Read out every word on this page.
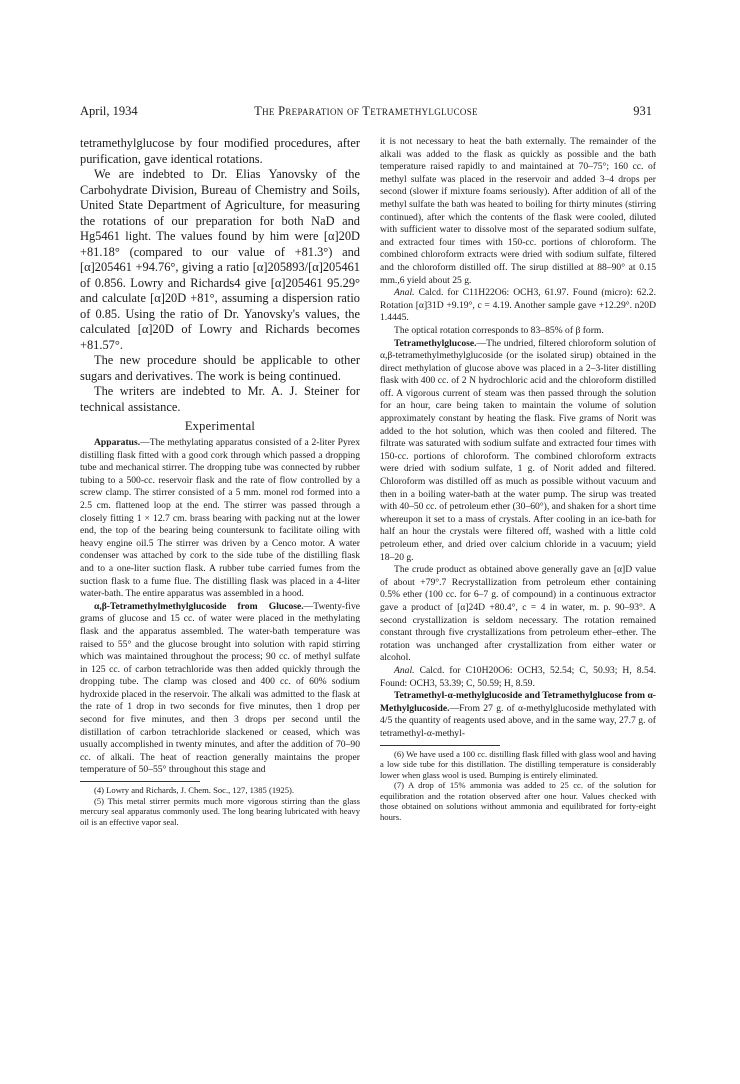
April, 1934	The Preparation of Tetramethylglucose	931

tetramethylglucose by four modified procedures, after purification, gave identical rotations.

We are indebted to Dr. Elias Yanovsky of the Carbohydrate Division, Bureau of Chemistry and Soils, United State Department of Agriculture, for measuring the rotations of our preparation for both NaD and Hg5461 light. The values found by him were [α]20D +81.18° (compared to our value of +81.3°) and [α]205461 +94.76°, giving a ratio [α]205893/[α]205461 of 0.856. Lowry and Richards4 give [α]205461 95.29° and calculate [α]20D +81°, assuming a dispersion ratio of 0.85. Using the ratio of Dr. Yanovsky's values, the calculated [α]20D of Lowry and Richards becomes +81.57°.

The new procedure should be applicable to other sugars and derivatives. The work is being continued.

The writers are indebted to Mr. A. J. Steiner for technical assistance.

Experimental

Apparatus.—The methylating apparatus consisted of a 2-liter Pyrex distilling flask fitted with a good cork through which passed a dropping tube and mechanical stirrer. The dropping tube was connected by rubber tubing to a 500-cc. reservoir flask and the rate of flow controlled by a screw clamp. The stirrer consisted of a 5 mm. monel rod formed into a 2.5 cm. flattened loop at the end. The stirrer was passed through a closely fitting 1 × 12.7 cm. brass bearing with packing nut at the lower end, the top of the bearing being countersunk to facilitate oiling with heavy engine oil.5 The stirrer was driven by a Cenco motor. A water condenser was attached by cork to the side tube of the distilling flask and to a one-liter suction flask. A rubber tube carried fumes from the suction flask to a fume flue. The distilling flask was placed in a 4-liter water-bath. The entire apparatus was assembled in a hood.

α,β-Tetramethylmethylglucoside from Glucose.—Twenty-five grams of glucose and 15 cc. of water were placed in the methylating flask and the apparatus assembled. The water-bath temperature was raised to 55° and the glucose brought into solution with rapid stirring which was maintained throughout the process; 90 cc. of methyl sulfate in 125 cc. of carbon tetrachloride was then added quickly through the dropping tube. The clamp was closed and 400 cc. of 60% sodium hydroxide placed in the reservoir. The alkali was admitted to the flask at the rate of 1 drop in two seconds for five minutes, then 1 drop per second for five minutes, and then 3 drops per second until the distillation of carbon tetrachloride slackened or ceased, which was usually accomplished in twenty minutes, and after the addition of 70–90 cc. of alkali. The heat of reaction generally maintains the proper temperature of 50–55° throughout this stage and

(4) Lowry and Richards, J. Chem. Soc., 127, 1385 (1925).

(5) This metal stirrer permits much more vigorous stirring than the glass mercury seal apparatus commonly used. The long bearing lubricated with heavy oil is an effective vapor seal.

it is not necessary to heat the bath externally. The remainder of the alkali was added to the flask as quickly as possible and the bath temperature raised rapidly to and maintained at 70–75°; 160 cc. of methyl sulfate was placed in the reservoir and added 3–4 drops per second (slower if mixture foams seriously). After addition of all of the methyl sulfate the bath was heated to boiling for thirty minutes (stirring continued), after which the contents of the flask were cooled, diluted with sufficient water to dissolve most of the separated sodium sulfate, and extracted four times with 150-cc. portions of chloroform. The combined chloroform extracts were dried with sodium sulfate, filtered and the chloroform distilled off. The sirup distilled at 88–90° at 0.15 mm.,6 yield about 25 g.

Anal. Calcd. for C11H22O6: OCH3, 61.97. Found (micro): 62.2. Rotation [α]31D +9.19°, c = 4.19. Another sample gave +12.29°. n20D 1.4445.

The optical rotation corresponds to 83–85% of β form.

Tetramethylglucose.—The undried, filtered chloroform solution of α,β-tetramethylmethylglucoside (or the isolated sirup) obtained in the direct methylation of glucose above was placed in a 2–3-liter distilling flask with 400 cc. of 2 N hydrochloric acid and the chloroform distilled off. A vigorous current of steam was then passed through the solution for an hour, care being taken to maintain the volume of solution approximately constant by heating the flask. Five grams of Norit was added to the hot solution, which was then cooled and filtered. The filtrate was saturated with sodium sulfate and extracted four times with 150-cc. portions of chloroform. The combined chloroform extracts were dried with sodium sulfate, 1 g. of Norit added and filtered. Chloroform was distilled off as much as possible without vacuum and then in a boiling water-bath at the water pump. The sirup was treated with 40–50 cc. of petroleum ether (30–60°), and shaken for a short time whereupon it set to a mass of crystals. After cooling in an ice-bath for half an hour the crystals were filtered off, washed with a little cold petroleum ether, and dried over calcium chloride in a vacuum; yield 18–20 g.

The crude product as obtained above generally gave an [α]D value of about +79°.7 Recrystallization from petroleum ether containing 0.5% ether (100 cc. for 6–7 g. of compound) in a continuous extractor gave a product of [α]24D +80.4°, c = 4 in water, m. p. 90–93°. A second crystallization is seldom necessary. The rotation remained constant through five crystallizations from petroleum ether–ether. The rotation was unchanged after crystallization from either water or alcohol.

Anal. Calcd. for C10H20O6: OCH3, 52.54; C, 50.93; H, 8.54. Found: OCH3, 53.39; C, 50.59; H, 8.59.

Tetramethyl-α-methylglucoside and Tetramethylglucose from α-Methylglucoside.—From 27 g. of α-methylglucoside methylated with 4/5 the quantity of reagents used above, and in the same way, 27.7 g. of tetramethyl-α-methyl-

(6) We have used a 100 cc. distilling flask filled with glass wool and having a low side tube for this distillation. The distilling temperature is considerably lower when glass wool is used. Bumping is entirely eliminated.

(7) A drop of 15% ammonia was added to 25 cc. of the solution for equilibration and the rotation observed after one hour. Values checked with those obtained on solutions without ammonia and equilibrated for forty-eight hours.
